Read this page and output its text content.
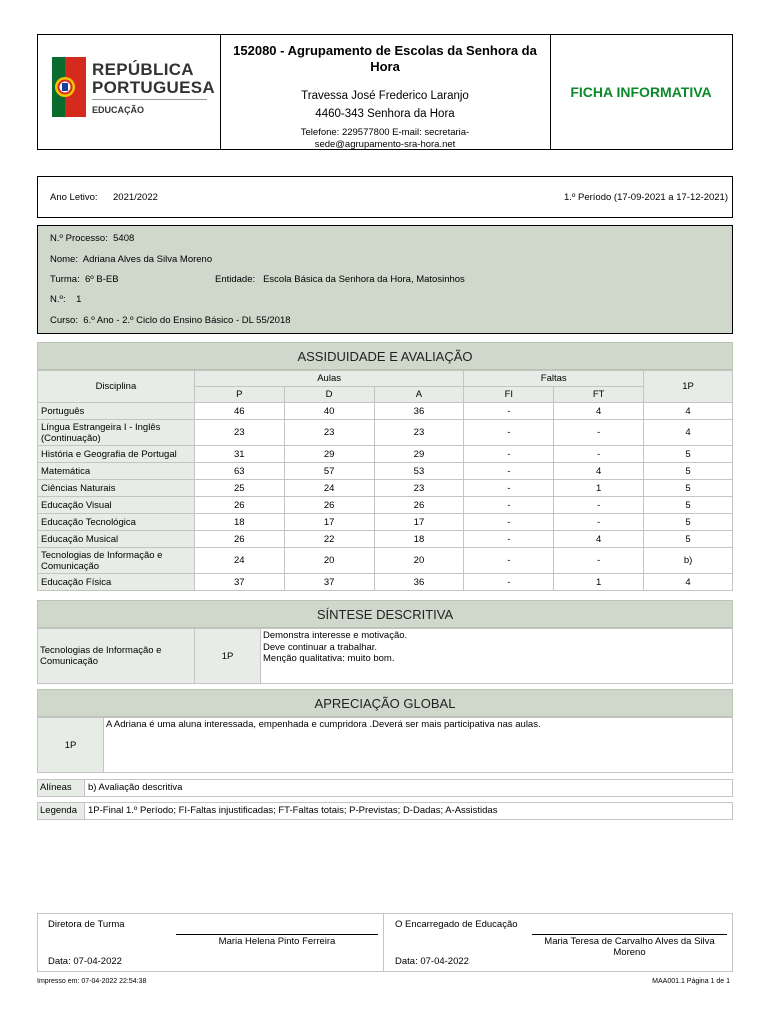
REPÚBLICA
PORTUGUESA
EDUCAÇÃO
152080 - Agrupamento de Escolas da Senhora da Hora
Travessa José Frederico Laranjo
4460-343 Senhora da Hora
Telefone: 229577800 E-mail: secretaria-sede@agrupamento-sra-hora.net
FICHA INFORMATIVA
Ano Letivo: 2021/2022	1.º Período (17-09-2021 a 17-12-2021)
N.º Processo: 5408
Nome: Adriana Alves da Silva Moreno
Turma: 6º B-EB	Entidade: Escola Básica da Senhora da Hora, Matosinhos
N.º: 1
Curso: 6.º Ano - 2.º Ciclo do Ensino Básico - DL 55/2018
ASSIDUIDADE E AVALIAÇÃO
Disciplina	Aulas			Faltas		1P
	P	D	A	FI	FT	
Português	46	40	36	-	4	4
Língua Estrangeira I - Inglês (Continuação)	23	23	23	-	-	4
História e Geografia de Portugal	31	29	29	-	-	5
Matemática	63	57	53	-	4	5
Ciências Naturais	25	24	23	-	1	5
Educação Visual	26	26	26	-	-	5
Educação Tecnológica	18	17	17	-	-	5
Educação Musical	26	22	18	-	4	5
Tecnologias de Informação e Comunicação	24	20	20	-	-	b)
Educação Física	37	37	36	-	1	4
SÍNTESE DESCRITIVA
Tecnologias de Informação e Comunicação	1P
Demonstra interesse e motivação.
Deve continuar a trabalhar.
Menção qualitativa: muito bom.
APRECIAÇÃO GLOBAL
1P
A Adriana é uma aluna interessada, empenhada e cumpridora .Deverá ser mais participativa nas aulas.
Alíneas	b) Avaliação descritiva
Legenda	1P-Final 1.º Período; FI-Faltas injustificadas; FT-Faltas totais; P-Previstas; D-Dadas; A-Assistidas
Diretora de Turma
Maria Helena Pinto Ferreira
Data: 07-04-2022
O Encarregado de Educação
Maria Teresa de Carvalho Alves da Silva Moreno
Data: 07-04-2022
Impresso em: 07-04-2022 22:54:38	MAA001.1 Página 1 de 1
